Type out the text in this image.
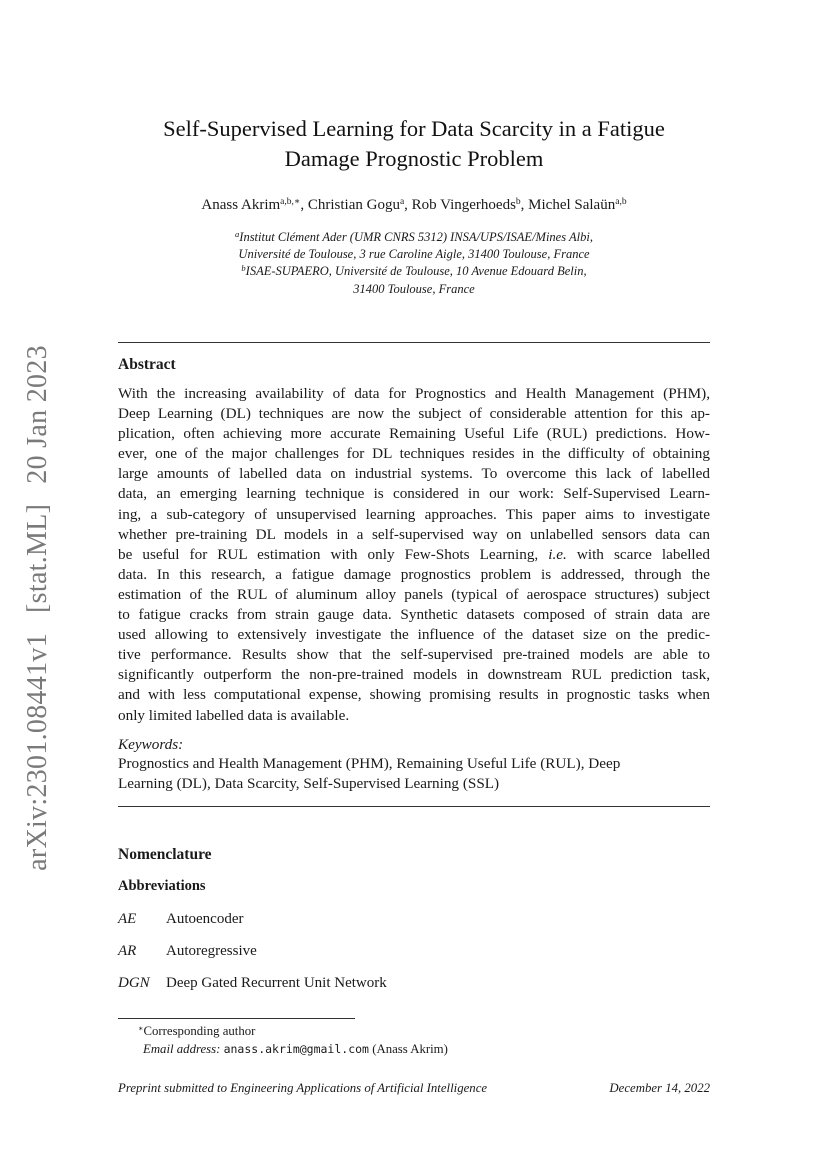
arXiv:2301.08441v1[stat.ML]20 Jan 2023
Self-Supervised Learning for Data Scarcity in a Fatigue
Damage Prognostic Problem
Anass Akrim$^{a,b,∗}$, Christian Gogu$^a$, Rob Vingerhoeds$^b$, Michel Salaün$^{a,b}$
$^a$Institut Clément Ader (UMR CNRS 5312) INSA/UPS/ISAE/Mines Albi,
Université de Toulouse, 3 rue Caroline Aigle, 31400 Toulouse, France
$^b$ISAE-SUPAERO, Université de Toulouse, 10 Avenue Edouard Belin,
31400 Toulouse, France
Abstract
With the increasing availability of data for Prognostics and Health Management (PHM),
Deep Learning (DL) techniques are now the subject of considerable attention for this ap-
plication, often achieving more accurate Remaining Useful Life (RUL) predictions. How-
ever, one of the major challenges for DL techniques resides in the difficulty of obtaining
large amounts of labelled data on industrial systems. To overcome this lack of labelled
data, an emerging learning technique is considered in our work: Self-Supervised Learn-
ing, a sub-category of unsupervised learning approaches. This paper aims to investigate
whether pre-training DL models in a self-supervised way on unlabelled sensors data can
be useful for RUL estimation with only Few-Shots Learning, i.e. with scarce labelled
data. In this research, a fatigue damage prognostics problem is addressed, through the
estimation of the RUL of aluminum alloy panels (typical of aerospace structures) subject
to fatigue cracks from strain gauge data. Synthetic datasets composed of strain data are
used allowing to extensively investigate the influence of the dataset size on the predic-
tive performance. Results show that the self-supervised pre-trained models are able to
significantly outperform the non-pre-trained models in downstream RUL prediction task,
and with less computational expense, showing promising results in prognostic tasks when
only limited labelled data is available.
Keywords:
Prognostics and Health Management (PHM), Remaining Useful Life (RUL), Deep
Learning (DL), Data Scarcity, Self-Supervised Learning (SSL)
Nomenclature
Abbreviations
AE Autoencoder
AR Autoregressive
DGN Deep Gated Recurrent Unit Network
∗Corresponding author
Email address: anass.akrim@gmail.com (Anass Akrim)
Preprint submitted to Engineering Applications of Artificial Intelligence	December 14, 2022
